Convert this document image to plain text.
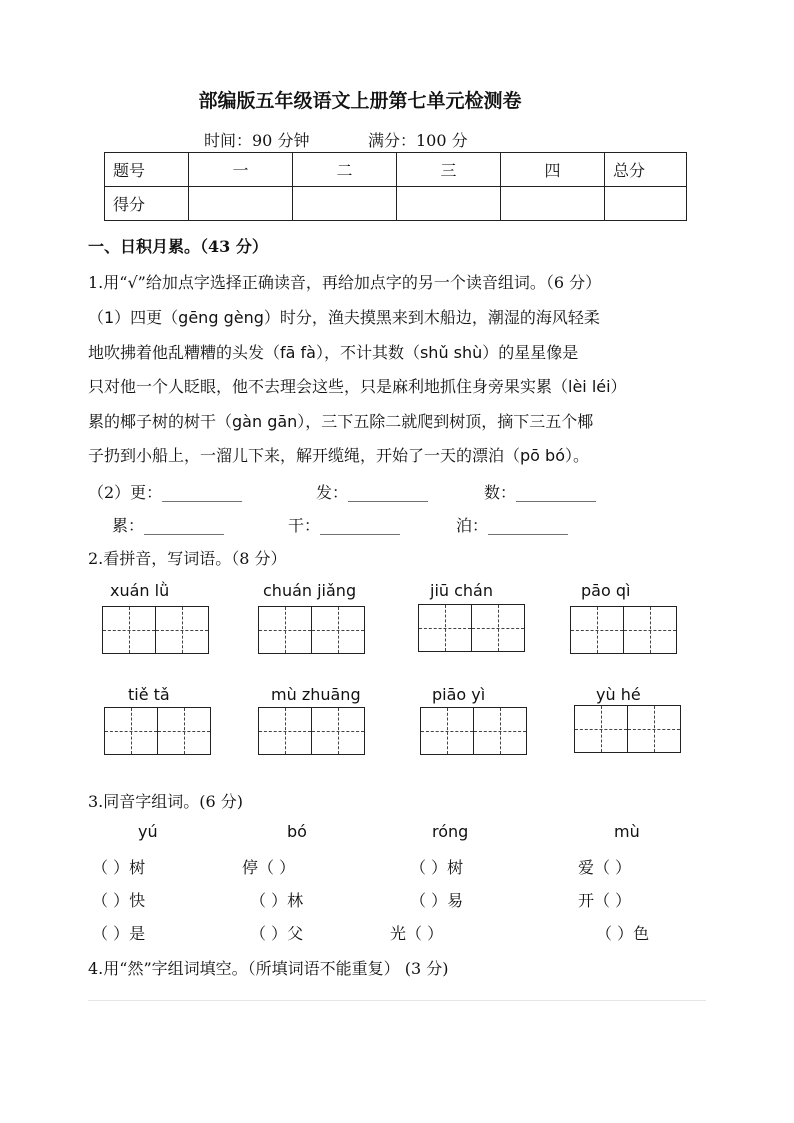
部编版五年级语文上册第七单元检测卷
时间：90 分钟	满分：100 分
题号	一	二	三	四	总分
得分					
一、日积月累。（43 分）
1.用“√”给加点字选择正确读音，再给加点字的另一个读音组词。（6 分）
（1）四更（gēng gèng）时分，渔夫摸黑来到木船边，潮湿的海风轻柔
地吹拂着他乱糟糟的头发（fā fà），不计其数（shǔ shù）的星星像是
只对他一个人眨眼，他不去理会这些，只是麻利地抓住身旁果实累（lèi léi）
累的椰子树的树干（gàn gān），三下五除二就爬到树顶，摘下三五个椰
子扔到小船上，一溜儿下来，解开缆绳，开始了一天的漂泊（pō bó）。
（2）更：__________	发：__________	数：__________
累：__________	干：__________	泊：__________
2.看拼音，写词语。（8 分）
xuán lǜ	chuán jiǎng	jiū chán	pāo qì
tiě tǎ	mù zhuāng	piāo yì	yù hé
3.同音字组词。(6 分)
yú	bó	róng	mù
（ ）树	停（ ）	（ ）树	爱（ ）
（ ）快	（ ）林	（ ）易	开（ ）
（ ）是	（ ）父	光（ ）	（ ）色
4.用“然”字组词填空。（所填词语不能重复） (3 分)
